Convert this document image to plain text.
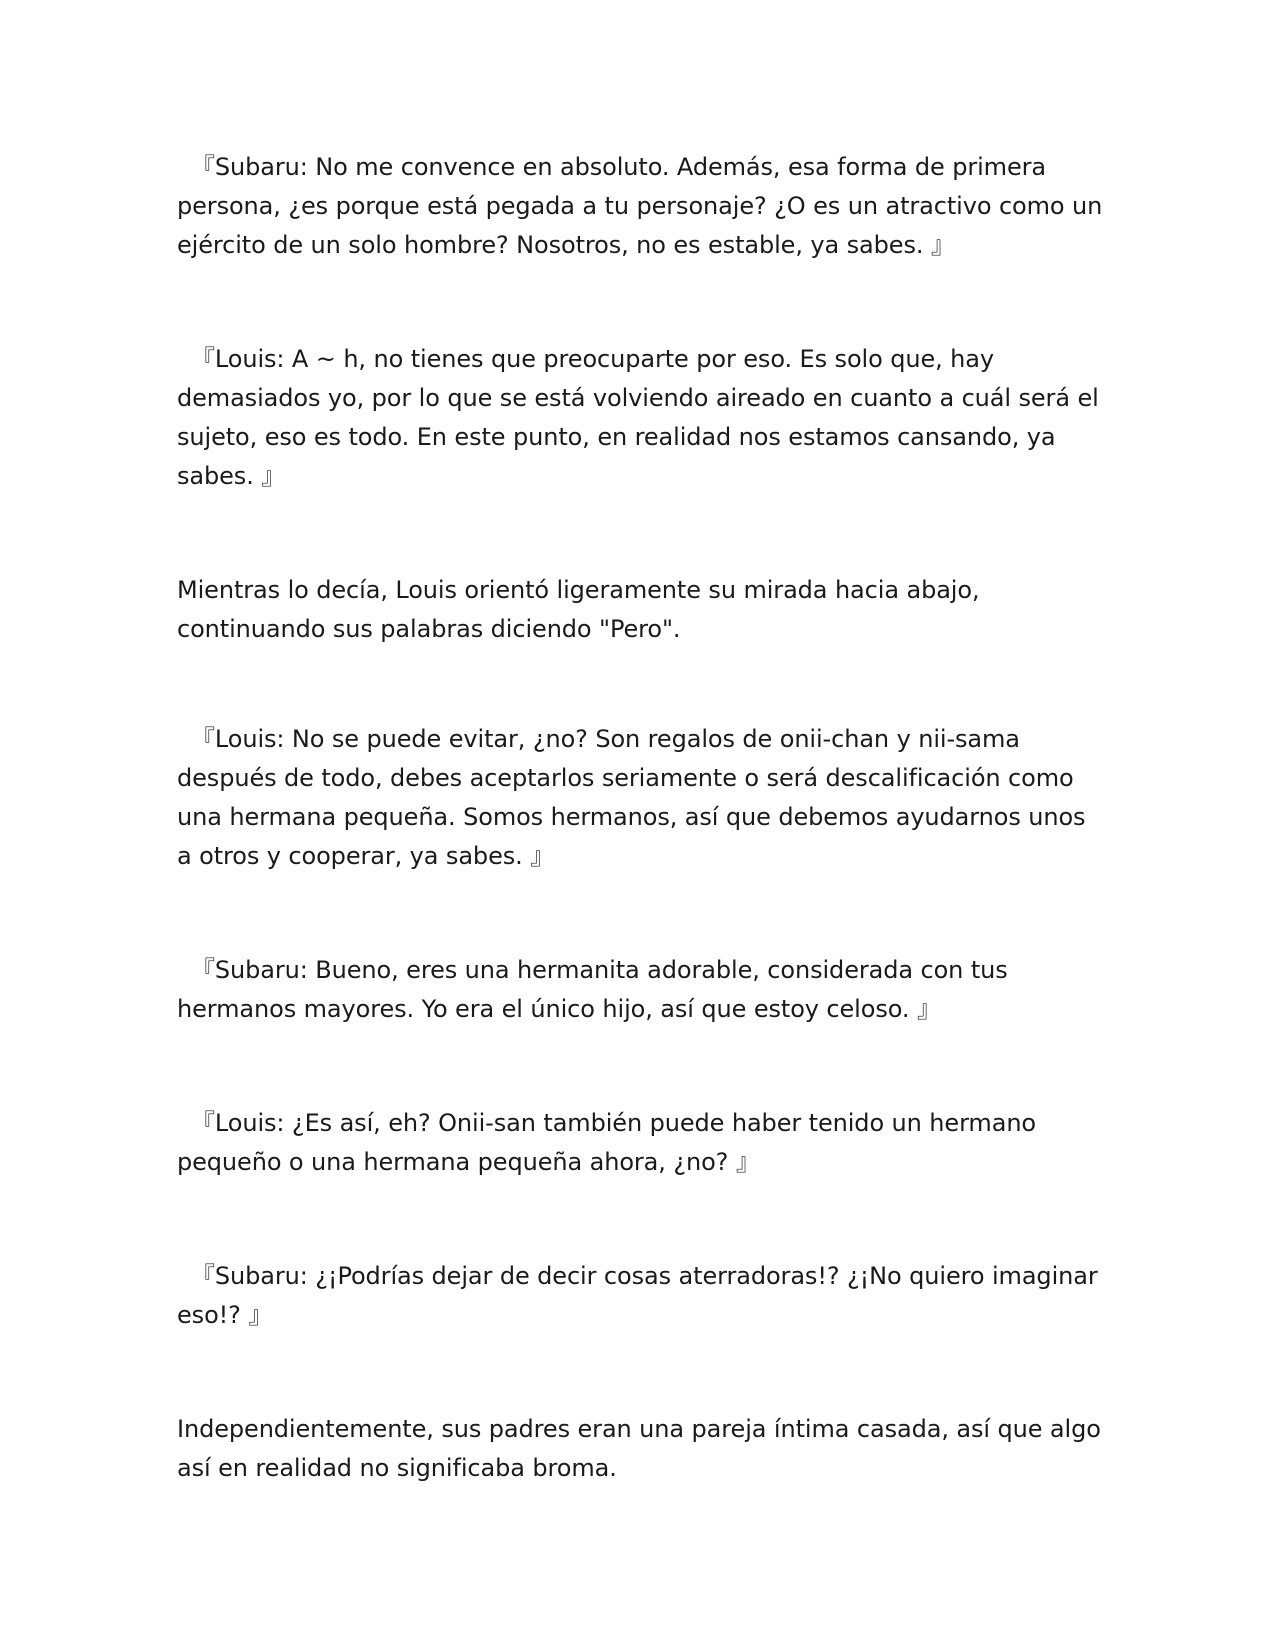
『Subaru: No me convence en absoluto. Además, esa forma de primera persona, ¿es porque está pegada a tu personaje? ¿O es un atractivo como un ejército de un solo hombre? Nosotros, no es estable, ya sabes. 』

『Louis: A ~ h, no tienes que preocuparte por eso. Es solo que, hay demasiados yo, por lo que se está volviendo aireado en cuanto a cuál será el sujeto, eso es todo. En este punto, en realidad nos estamos cansando, ya sabes. 』

Mientras lo decía, Louis orientó ligeramente su mirada hacia abajo, continuando sus palabras diciendo "Pero".

『Louis: No se puede evitar, ¿no? Son regalos de onii-chan y nii-sama después de todo, debes aceptarlos seriamente o será descalificación como una hermana pequeña. Somos hermanos, así que debemos ayudarnos unos a otros y cooperar, ya sabes. 』

『Subaru: Bueno, eres una hermanita adorable, considerada con tus hermanos mayores. Yo era el único hijo, así que estoy celoso. 』

『Louis: ¿Es así, eh? Onii-san también puede haber tenido un hermano pequeño o una hermana pequeña ahora, ¿no? 』

『Subaru: ¿¡Podrías dejar de decir cosas aterradoras!? ¿¡No quiero imaginar eso!? 』

Independientemente, sus padres eran una pareja íntima casada, así que algo así en realidad no significaba broma.
